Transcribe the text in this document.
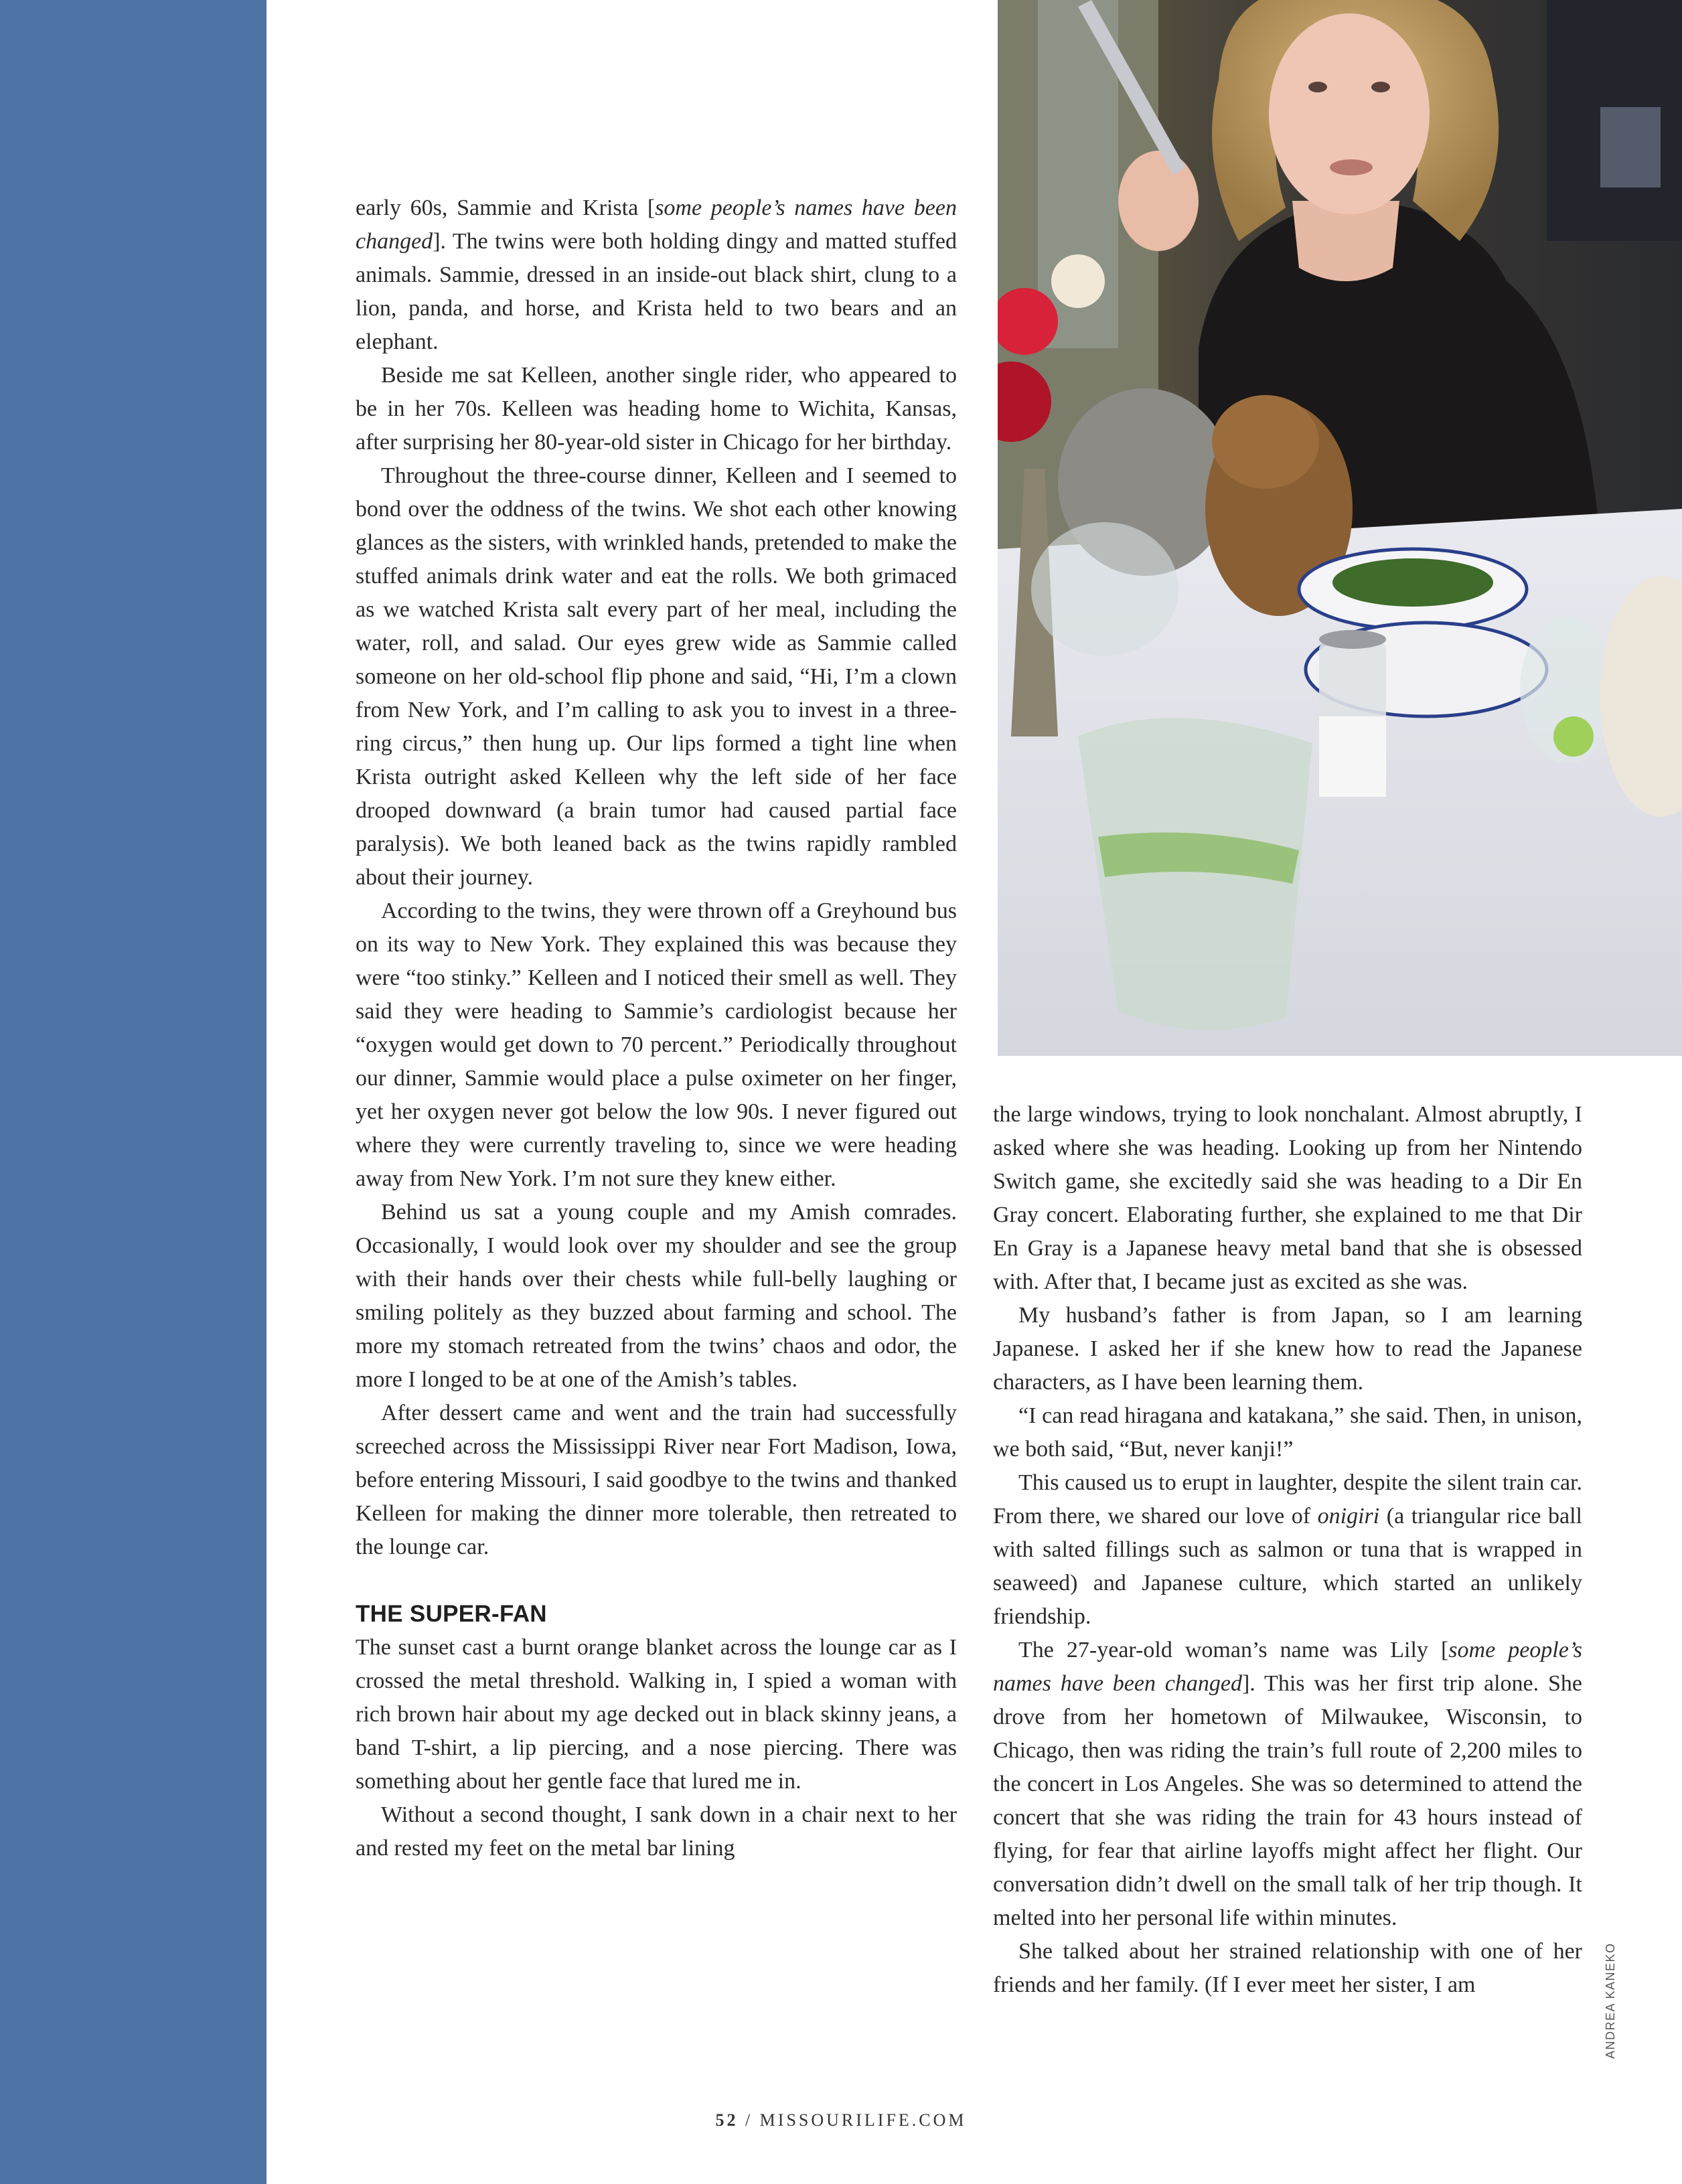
early 60s, Sammie and Krista [some people’s names have been changed]. The twins were both holding dingy and matted stuffed animals. Sammie, dressed in an inside-out black shirt, clung to a lion, panda, and horse, and Krista held to two bears and an elephant.

Beside me sat Kelleen, another single rider, who appeared to be in her 70s. Kelleen was heading home to Wichita, Kansas, after surprising her 80-year-old sister in Chicago for her birthday.

Throughout the three-course dinner, Kelleen and I seemed to bond over the oddness of the twins. We shot each other knowing glances as the sisters, with wrinkled hands, pretended to make the stuffed animals drink water and eat the rolls. We both grimaced as we watched Krista salt every part of her meal, including the water, roll, and salad. Our eyes grew wide as Sammie called someone on her old-school flip phone and said, “Hi, I’m a clown from New York, and I’m calling to ask you to invest in a three-ring circus,” then hung up. Our lips formed a tight line when Krista outright asked Kelleen why the left side of her face drooped downward (a brain tumor had caused partial face paralysis). We both leaned back as the twins rapidly rambled about their journey.

According to the twins, they were thrown off a Greyhound bus on its way to New York. They explained this was because they were “too stinky.” Kelleen and I noticed their smell as well. They said they were heading to Sammie’s cardiologist because her “oxygen would get down to 70 percent.” Periodically throughout our dinner, Sammie would place a pulse oximeter on her finger, yet her oxygen never got below the low 90s. I never figured out where they were currently traveling to, since we were heading away from New York. I’m not sure they knew either.

Behind us sat a young couple and my Amish comrades. Occasionally, I would look over my shoulder and see the group with their hands over their chests while full-belly laughing or smiling politely as they buzzed about farming and school. The more my stomach retreated from the twins’ chaos and odor, the more I longed to be at one of the Amish’s tables.

After dessert came and went and the train had successfully screeched across the Mississippi River near Fort Madison, Iowa, before entering Missouri, I said goodbye to the twins and thanked Kelleen for making the dinner more tolerable, then retreated to the lounge car.

THE SUPER-FAN

The sunset cast a burnt orange blanket across the lounge car as I crossed the metal threshold. Walking in, I spied a woman with rich brown hair about my age decked out in black skinny jeans, a band T-shirt, a lip piercing, and a nose piercing. There was something about her gentle face that lured me in.

Without a second thought, I sank down in a chair next to her and rested my feet on the metal bar lining

the large windows, trying to look nonchalant. Almost abruptly, I asked where she was heading. Looking up from her Nintendo Switch game, she excitedly said she was heading to a Dir En Gray concert. Elaborating further, she explained to me that Dir En Gray is a Japanese heavy metal band that she is obsessed with. After that, I became just as excited as she was.

My husband’s father is from Japan, so I am learning Japanese. I asked her if she knew how to read the Japanese characters, as I have been learning them.

“I can read hiragana and katakana,” she said. Then, in unison, we both said, “But, never kanji!”

This caused us to erupt in laughter, despite the silent train car. From there, we shared our love of onigiri (a triangular rice ball with salted fillings such as salmon or tuna that is wrapped in seaweed) and Japanese culture, which started an unlikely friendship.

The 27-year-old woman’s name was Lily [some people’s names have been changed]. This was her first trip alone. She drove from her hometown of Milwaukee, Wisconsin, to Chicago, then was riding the train’s full route of 2,200 miles to the concert in Los Angeles. She was so determined to attend the concert that she was riding the train for 43 hours instead of flying, for fear that airline layoffs might affect her flight. Our conversation didn’t dwell on the small talk of her trip though. It melted into her personal life within minutes.

She talked about her strained relationship with one of her friends and her family. (If I ever meet her sister, I am	ANDREA KANEKO
52 / MISSOURILIFE.COM
